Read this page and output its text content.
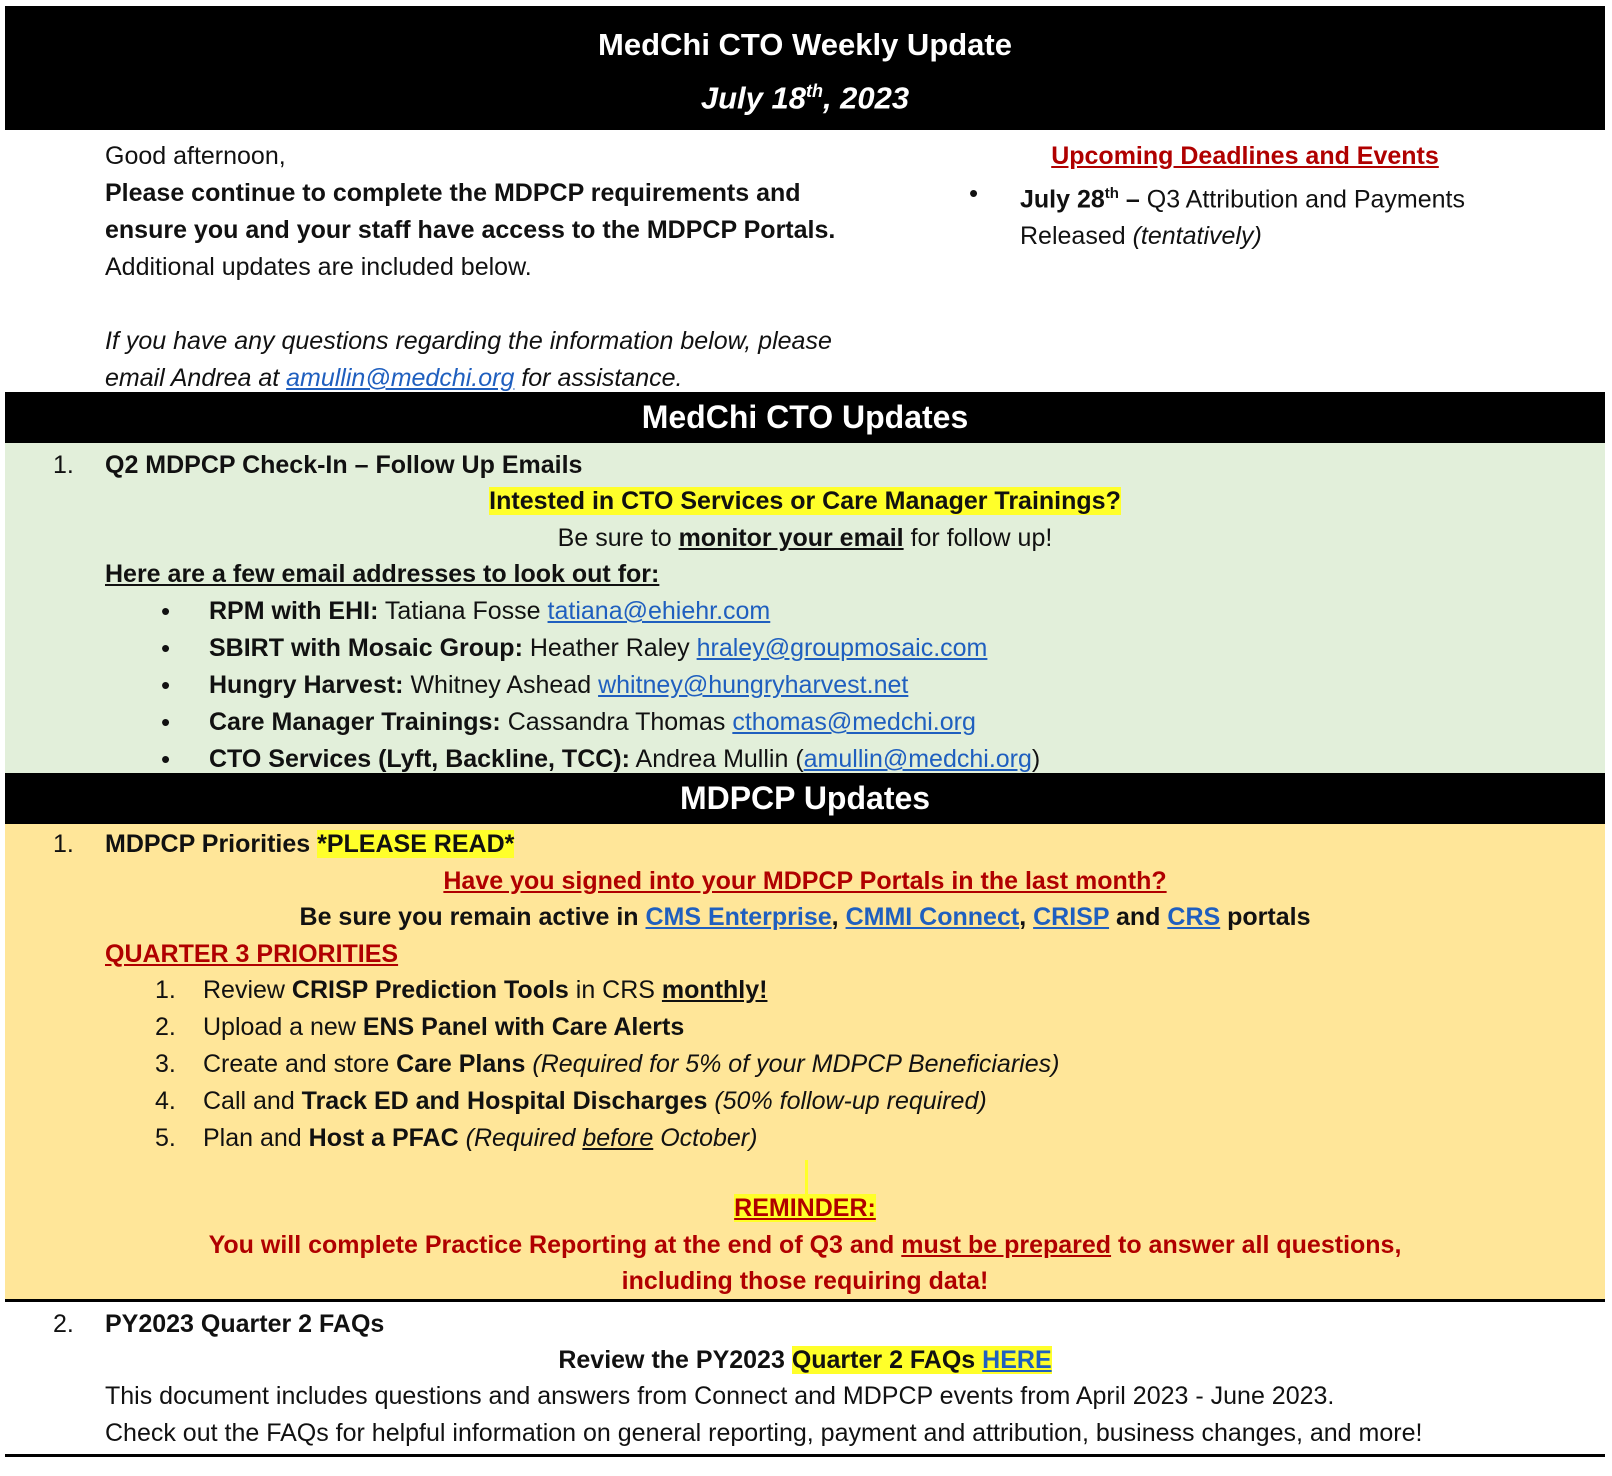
MedChi CTO Weekly Update
July 18th, 2023
Good afternoon,
Please continue to complete the MDPCP requirements and ensure you and your staff have access to the MDPCP Portals. Additional updates are included below.
If you have any questions regarding the information below, please email Andrea at amullin@medchi.org for assistance.
Upcoming Deadlines and Events
• July 28th – Q3 Attribution and Payments Released (tentatively)
MedChi CTO Updates
1. Q2 MDPCP Check-In – Follow Up Emails
Intested in CTO Services or Care Manager Trainings?
Be sure to monitor your email for follow up!
Here are a few email addresses to look out for:
• RPM with EHI: Tatiana Fosse tatiana@ehiehr.com
• SBIRT with Mosaic Group: Heather Raley hraley@groupmosaic.com
• Hungry Harvest: Whitney Ashead whitney@hungryharvest.net
• Care Manager Trainings: Cassandra Thomas cthomas@medchi.org
• CTO Services (Lyft, Backline, TCC): Andrea Mullin (amullin@medchi.org)
MDPCP Updates
1. MDPCP Priorities *PLEASE READ*
Have you signed into your MDPCP Portals in the last month?
Be sure you remain active in CMS Enterprise, CMMI Connect, CRISP and CRS portals
QUARTER 3 PRIORITIES
1. Review CRISP Prediction Tools in CRS monthly!
2. Upload a new ENS Panel with Care Alerts
3. Create and store Care Plans (Required for 5% of your MDPCP Beneficiaries)
4. Call and Track ED and Hospital Discharges (50% follow-up required)
5. Plan and Host a PFAC (Required before October)
REMINDER:
You will complete Practice Reporting at the end of Q3 and must be prepared to answer all questions,
including those requiring data!
2. PY2023 Quarter 2 FAQs
Review the PY2023 Quarter 2 FAQs HERE
This document includes questions and answers from Connect and MDPCP events from April 2023 - June 2023.
Check out the FAQs for helpful information on general reporting, payment and attribution, business changes, and more!
